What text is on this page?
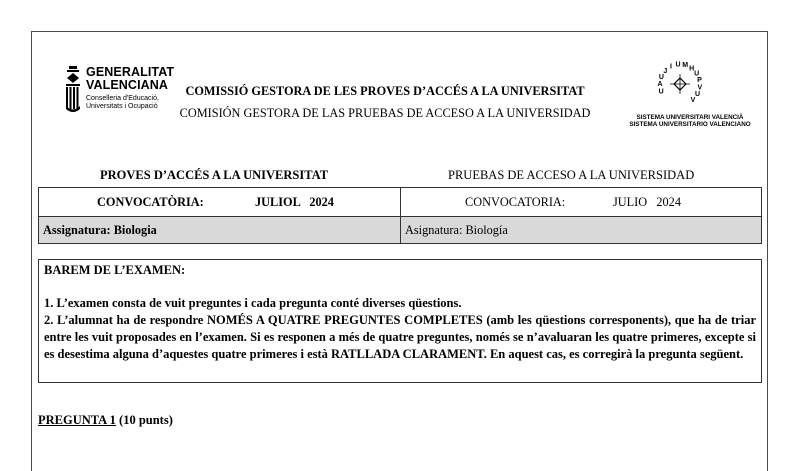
GENERALITAT
VALENCIANA
Conselleria d'Educació,
Universitats i Ocupació
COMISSIÓ GESTORA DE LES PROVES D’ACCÉS A LA UNIVERSITAT
COMISIÓN GESTORA DE LAS PRUEBAS DE ACCESO A LA UNIVERSIDAD
U
A
U
J
I U M H
U
P
V
U
V
SISTEMA UNIVERSITARI VALENCIÀ
SISTEMA UNIVERSITARIO VALENCIANO
PROVES D’ACCÉS A LA UNIVERSITAT	PRUEBAS DE ACCESO A LA UNIVERSIDAD
CONVOCATÒRIA:	JULIOL   2024	CONVOCATORIA:	JULIO   2024
Assignatura: Biologia	Asignatura: Biología
BAREM DE L’EXAMEN:

1. L’examen consta de vuit preguntes i cada pregunta conté diverses qüestions.

2. L’alumnat ha de respondre NOMÉS A QUATRE PREGUNTES COMPLETES (amb les qüestions corresponents), que ha de triar entre les vuit proposades en l’examen. Si es responen a més de quatre preguntes, només se n’avaluaran les quatre primeres, excepte si es desestima alguna d’aquestes quatre primeres i està RATLLADA CLARAMENT. En aquest cas, es corregirà la pregunta següent.

PREGUNTA 1 (10 punts)
